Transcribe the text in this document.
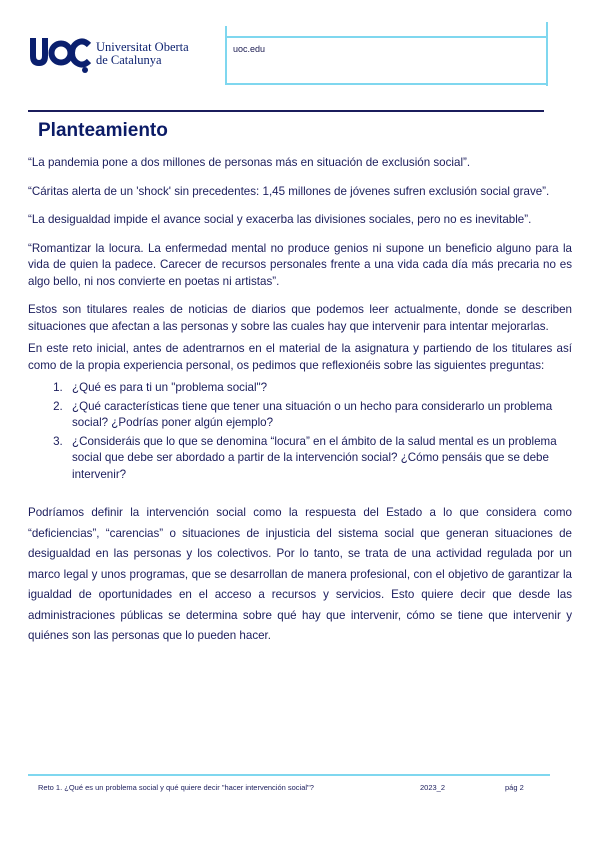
Universitat Oberta
de Catalunya
uoc.edu
Planteamiento

“La pandemia pone a dos millones de personas más en situación de exclusión social”.

“Cáritas alerta de un 'shock' sin precedentes: 1,45 millones de jóvenes sufren exclusión social grave”.

“La desigualdad impide el avance social y exacerba las divisiones sociales, pero no es inevitable”.

“Romantizar la locura. La enfermedad mental no produce genios ni supone un beneficio alguno para la vida de quien la padece. Carecer de recursos personales frente a una vida cada día más precaria no es algo bello, ni nos convierte en poetas ni artistas”.

Estos son titulares reales de noticias de diarios que podemos leer actualmente, donde se describen situaciones que afectan a las personas y sobre las cuales hay que intervenir para intentar mejorarlas.

En este reto inicial, antes de adentrarnos en el material de la asignatura y partiendo de los titulares así como de la propia experiencia personal, os pedimos que reflexionéis sobre las siguientes preguntas:

1. ¿Qué es para ti un "problema social"?
2. ¿Qué características tiene que tener una situación o un hecho para considerarlo un problema social? ¿Podrías poner algún ejemplo?
3. ¿Consideráis que lo que se denomina “locura” en el ámbito de la salud mental es un problema social que debe ser abordado a partir de la intervención social? ¿Cómo pensáis que se debe intervenir?

Podríamos definir la intervención social como la respuesta del Estado a lo que considera como “deficiencias”, “carencias” o situaciones de injusticia del sistema social que generan situaciones de desigualdad en las personas y los colectivos. Por lo tanto, se trata de una actividad regulada por un marco legal y unos programas, que se desarrollan de manera profesional, con el objetivo de garantizar la igualdad de oportunidades en el acceso a recursos y servicios. Esto quiere decir que desde las administraciones públicas se determina sobre qué hay que intervenir, cómo se tiene que intervenir y quiénes son las personas que lo pueden hacer.

Reto 1. ¿Qué es un problema social y qué quiere decir "hacer intervención social"?	2023_2	pág 2
